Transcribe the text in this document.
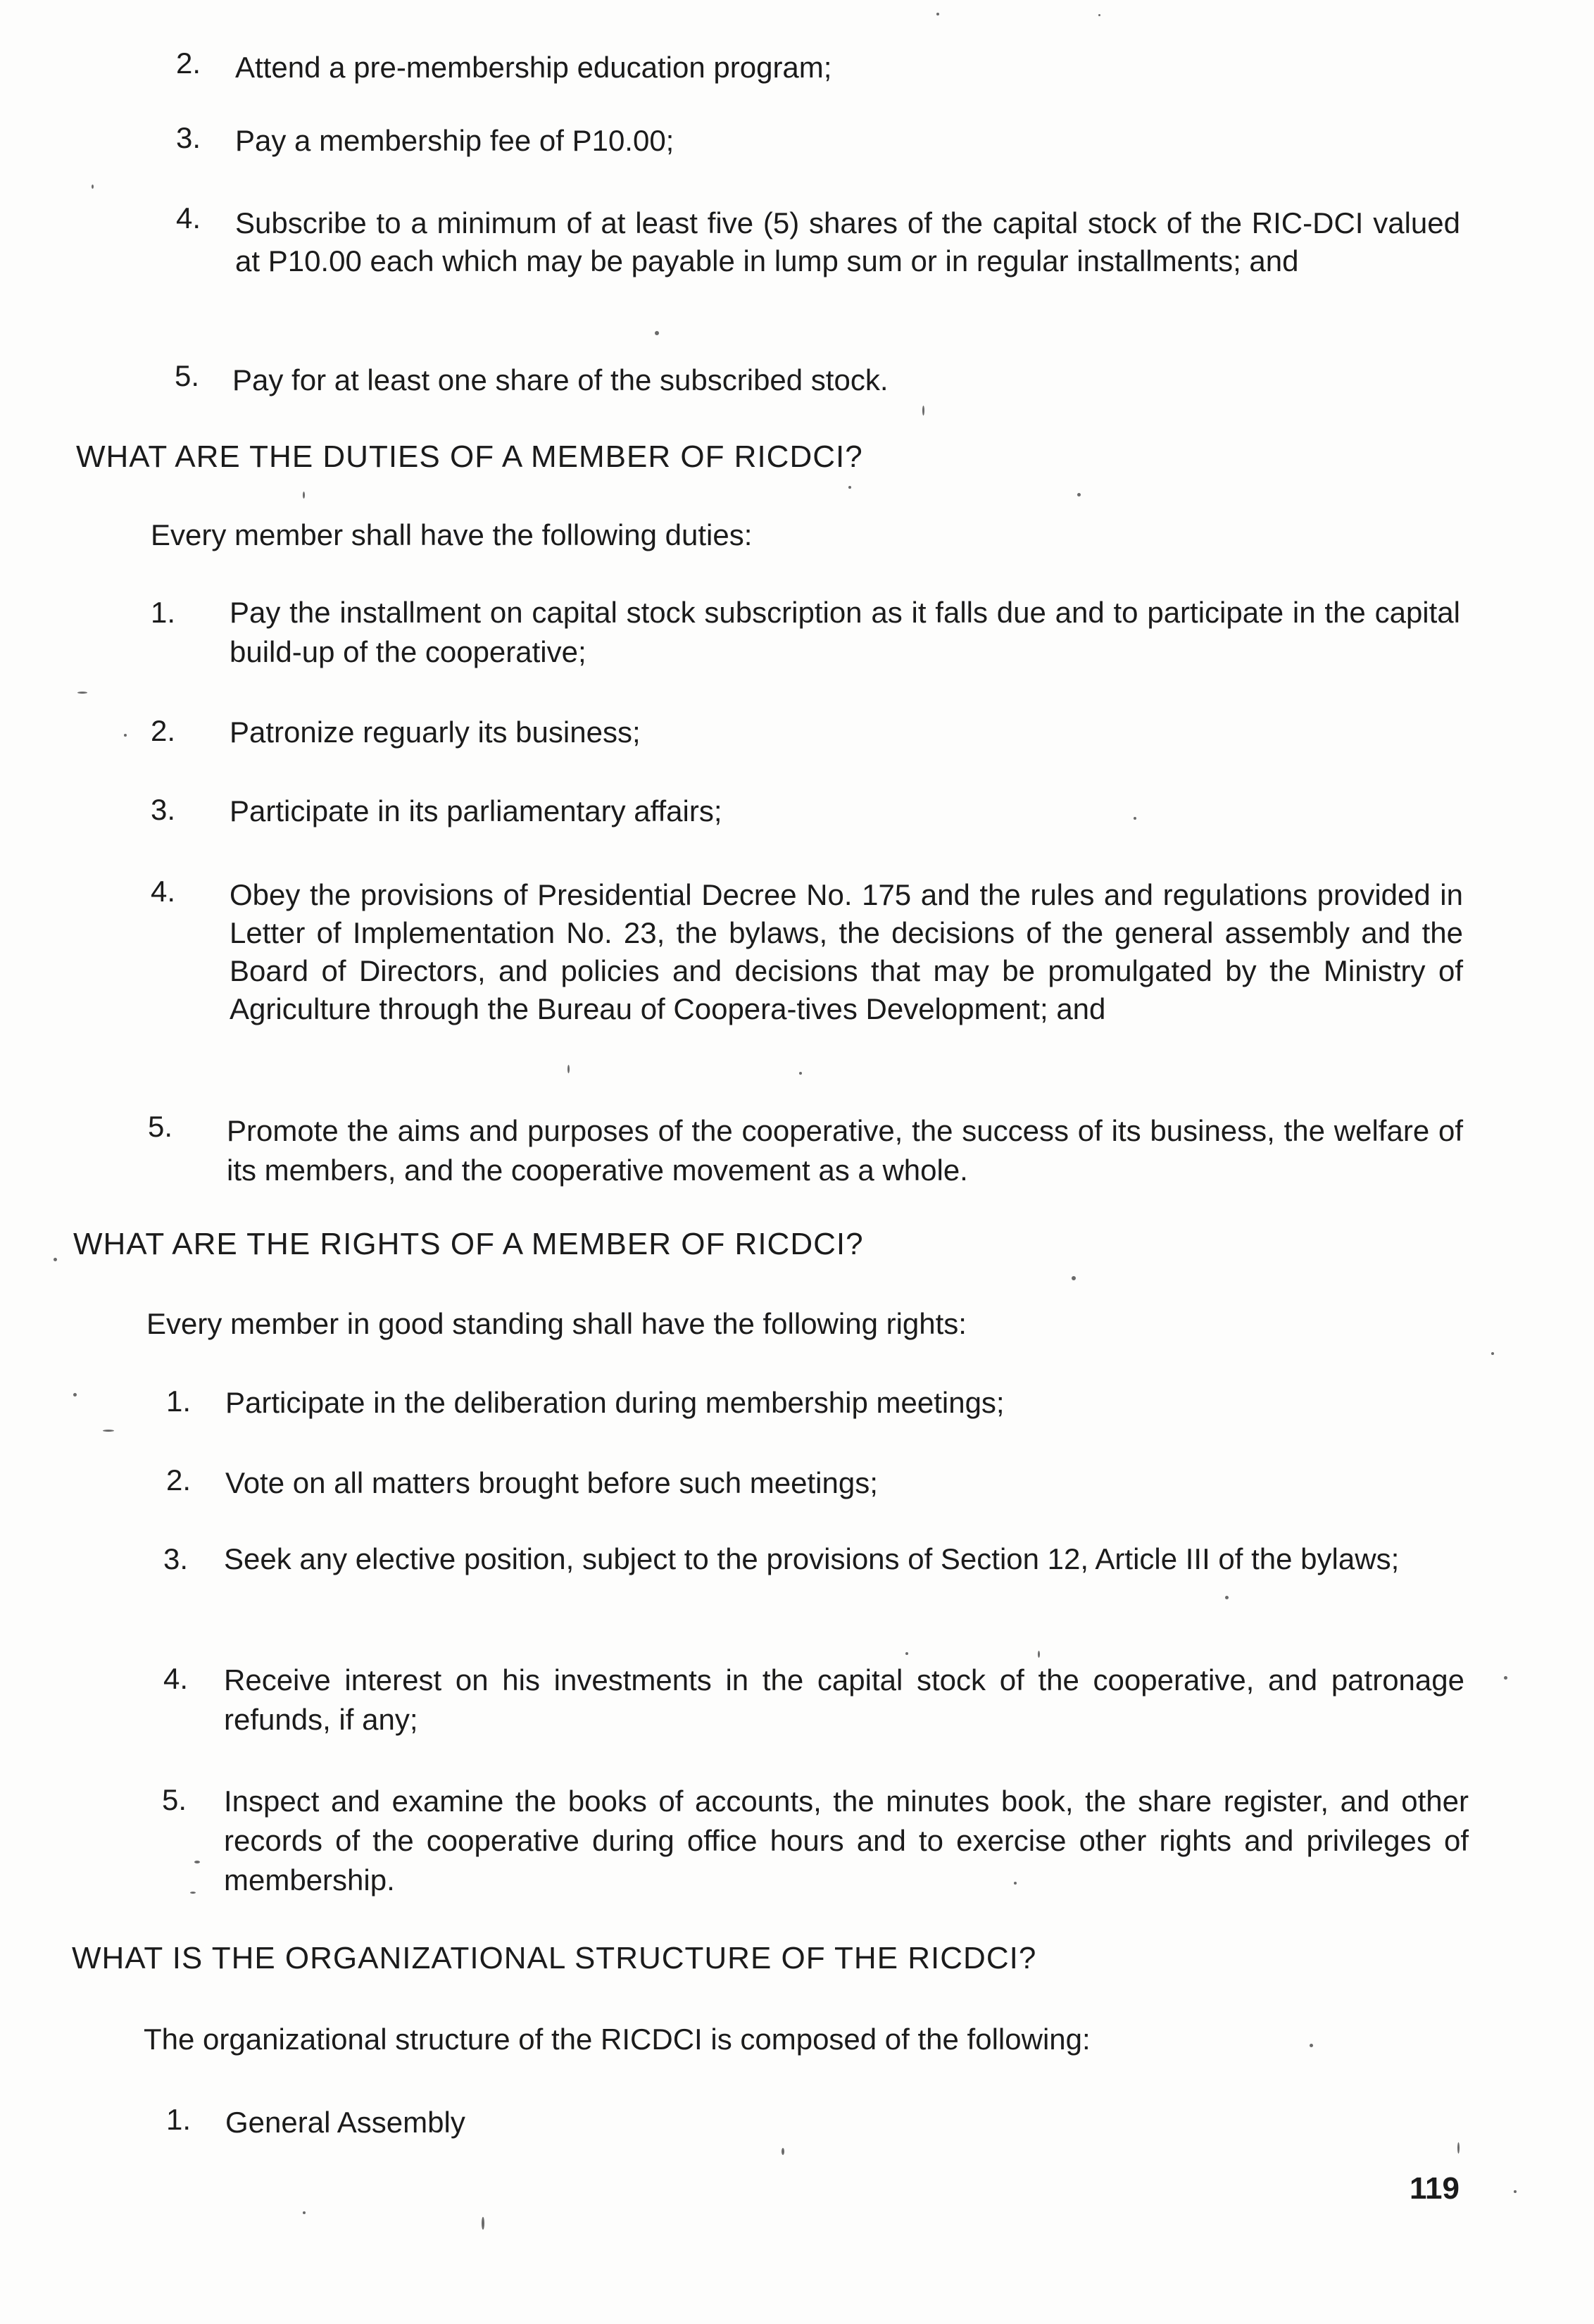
2. Attend a pre-membership education program;
3. Pay a membership fee of P10.00;
4. Subscribe to a minimum of at least five (5) shares of the capital stock of the RIC-DCI valued at P10.00 each which may be payable in lump sum or in regular installments; and
5. Pay for at least one share of the subscribed stock.
WHAT ARE THE DUTIES OF A MEMBER OF RICDCI?
Every member shall have the following duties:
1. Pay the installment on capital stock subscription as it falls due and to participate in the capital build-up of the cooperative;
2. Patronize reguarly its business;
3. Participate in its parliamentary affairs;
4. Obey the provisions of Presidential Decree No. 175 and the rules and regulations provided in Letter of Implementation No. 23, the bylaws, the decisions of the general assembly and the Board of Directors, and policies and decisions that may be promulgated by the Ministry of Agriculture through the Bureau of Coopera-tives Development; and
5. Promote the aims and purposes of the cooperative, the success of its business, the welfare of its members, and the cooperative movement as a whole.
WHAT ARE THE RIGHTS OF A MEMBER OF RICDCI?
Every member in good standing shall have the following rights:
1. Participate in the deliberation during membership meetings;
2. Vote on all matters brought before such meetings;
3. Seek any elective position, subject to the provisions of Section 12, Article III of the bylaws;
4. Receive interest on his investments in the capital stock of the cooperative, and patronage refunds, if any;
5. Inspect and examine the books of accounts, the minutes book, the share register, and other records of the cooperative during office hours and to exercise other rights and privileges of membership.
WHAT IS THE ORGANIZATIONAL STRUCTURE OF THE RICDCI?
The organizational structure of the RICDCI is composed of the following:
1. General Assembly
119
